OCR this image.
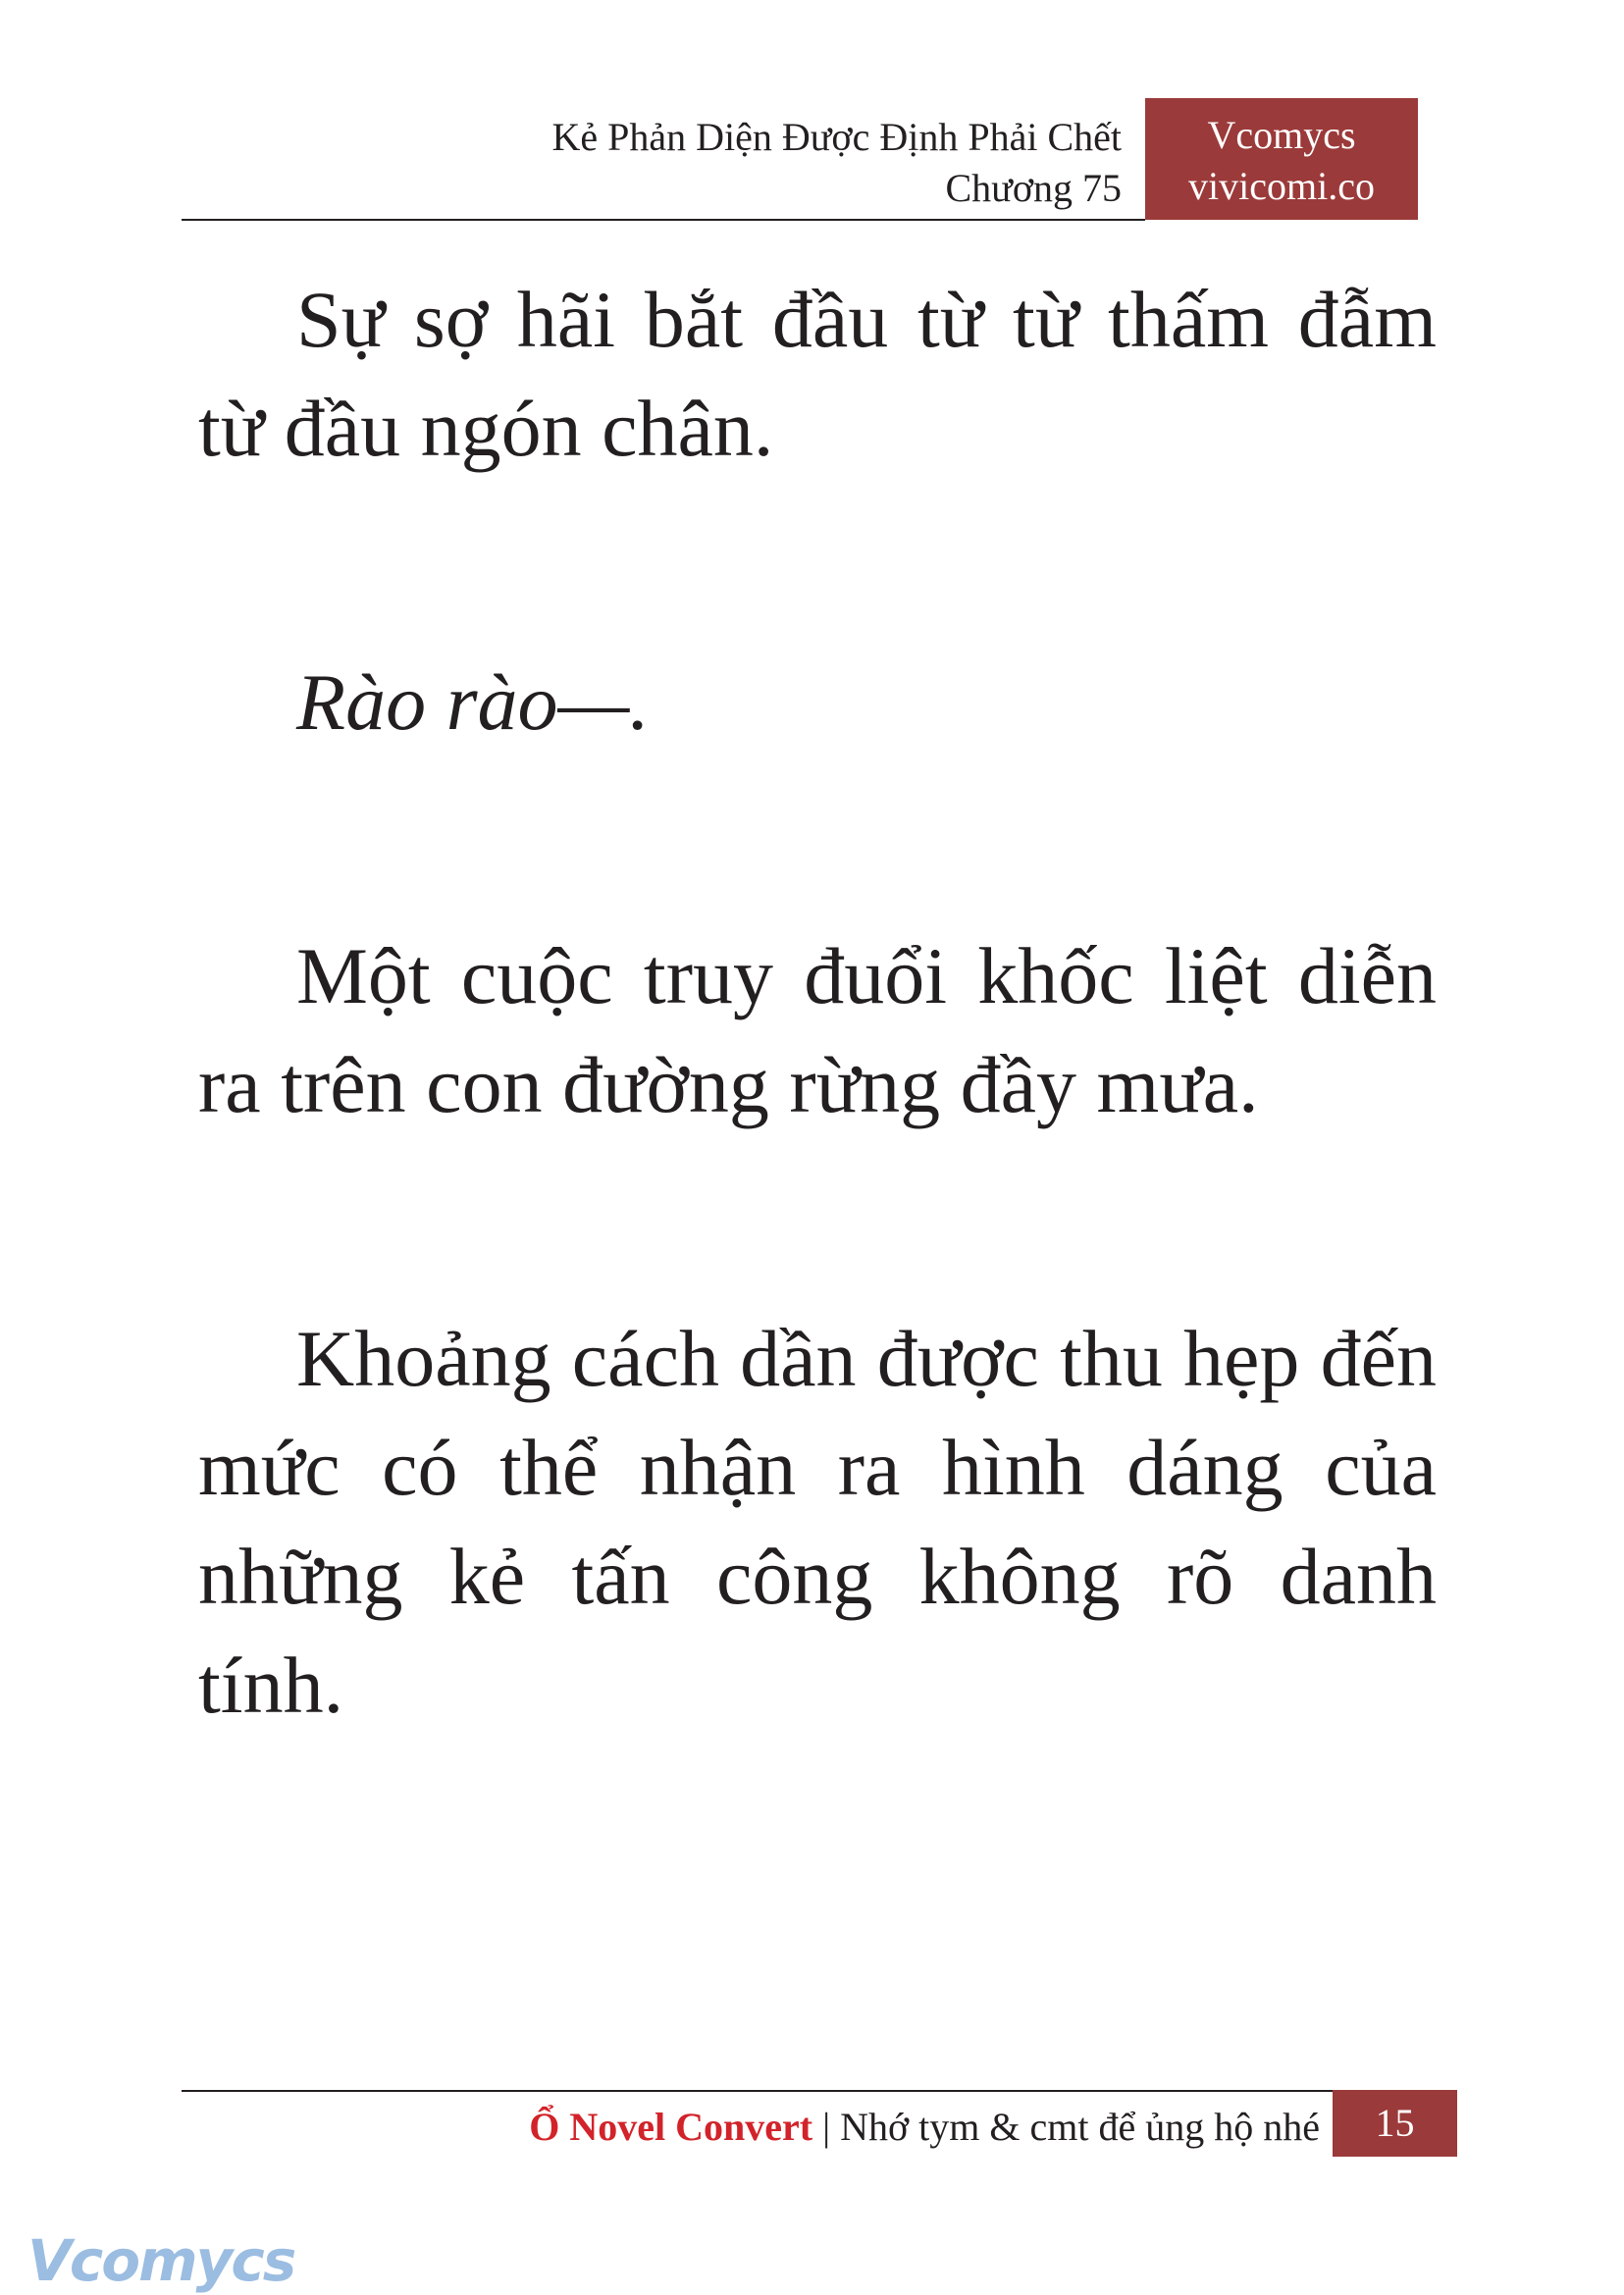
Kẻ Phản Diện Được Định Phải Chết
Chương 75
Vcomycs
vivicomi.co

Sự sợ hãi bắt đầu từ từ thấm đẫm từ đầu ngón chân.

Rào rào—.

Một cuộc truy đuổi khốc liệt diễn ra trên con đường rừng đầy mưa.

Khoảng cách dần được thu hẹp đến mức có thể nhận ra hình dáng của những kẻ tấn công không rõ danh tính.

Ổ Novel Convert | Nhớ tym & cmt để ủng hộ nhé	15
Vcomycs
